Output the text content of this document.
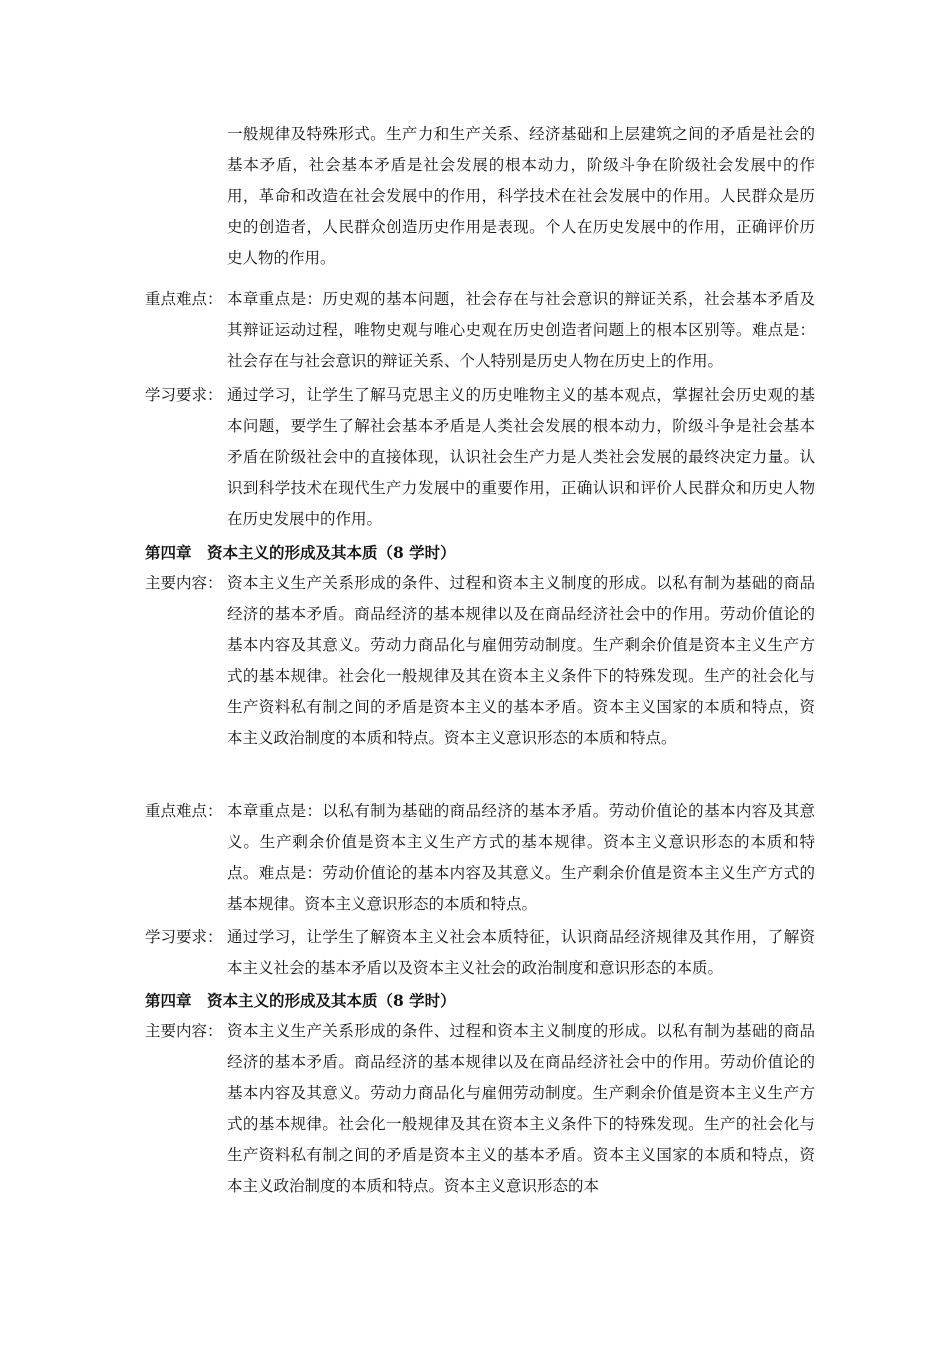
一般规律及特殊形式。生产力和生产关系、经济基础和上层建筑之间的矛盾是社会的基本矛盾，社会基本矛盾是社会发展的根本动力，阶级斗争在阶级社会发展中的作用，革命和改造在社会发展中的作用，科学技术在社会发展中的作用。人民群众是历史的创造者，人民群众创造历史作用是表现。个人在历史发展中的作用，正确评价历史人物的作用。
重点难点： 本章重点是：历史观的基本问题，社会存在与社会意识的辩证关系，社会基本矛盾及其辩证运动过程，唯物史观与唯心史观在历史创造者问题上的根本区别等。难点是：社会存在与社会意识的辩证关系、个人特别是历史人物在历史上的作用。
学习要求： 通过学习，让学生了解马克思主义的历史唯物主义的基本观点，掌握社会历史观的基本问题，要学生了解社会基本矛盾是人类社会发展的根本动力，阶级斗争是社会基本矛盾在阶级社会中的直接体现，认识社会生产力是人类社会发展的最终决定力量。认识到科学技术在现代生产力发展中的重要作用，正确认识和评价人民群众和历史人物在历史发展中的作用。
第四章　资本主义的形成及其本质（8 学时）
主要内容： 资本主义生产关系形成的条件、过程和资本主义制度的形成。以私有制为基础的商品经济的基本矛盾。商品经济的基本规律以及在商品经济社会中的作用。劳动价值论的基本内容及其意义。劳动力商品化与雇佣劳动制度。生产剩余价值是资本主义生产方式的基本规律。社会化一般规律及其在资本主义条件下的特殊发现。生产的社会化与生产资料私有制之间的矛盾是资本主义的基本矛盾。资本主义国家的本质和特点，资本主义政治制度的本质和特点。资本主义意识形态的本质和特点。
重点难点： 本章重点是：以私有制为基础的商品经济的基本矛盾。劳动价值论的基本内容及其意义。生产剩余价值是资本主义生产方式的基本规律。资本主义意识形态的本质和特点。难点是：劳动价值论的基本内容及其意义。生产剩余价值是资本主义生产方式的基本规律。资本主义意识形态的本质和特点。
学习要求： 通过学习，让学生了解资本主义社会本质特征，认识商品经济规律及其作用，了解资本主义社会的基本矛盾以及资本主义社会的政治制度和意识形态的本质。
第四章　资本主义的形成及其本质（8 学时）
主要内容： 资本主义生产关系形成的条件、过程和资本主义制度的形成。以私有制为基础的商品经济的基本矛盾。商品经济的基本规律以及在商品经济社会中的作用。劳动价值论的基本内容及其意义。劳动力商品化与雇佣劳动制度。生产剩余价值是资本主义生产方式的基本规律。社会化一般规律及其在资本主义条件下的特殊发现。生产的社会化与生产资料私有制之间的矛盾是资本主义的基本矛盾。资本主义国家的本质和特点，资本主义政治制度的本质和特点。资本主义意识形态的本
